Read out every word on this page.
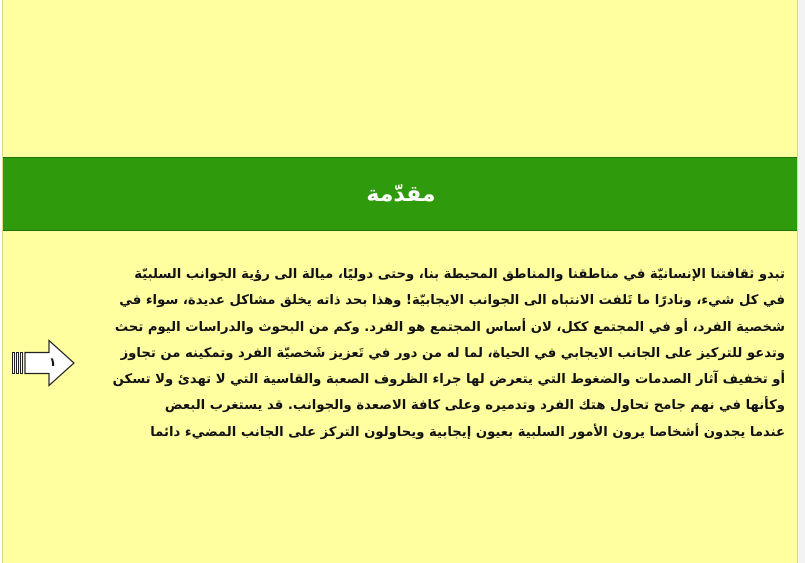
مقدّمة
تبدو ثقافتنا الإنسانيّة في مناطقنا والمناطق المحيطة بنا، وحتى دوليًا، ميالة الى رؤية الجوانب السلبيّة
في كل شيء، ونادرًا ما تَلفت الانتباه الى الجوانب الايجابيّة! وهذا بحد ذاته يخلق مشاكل عديدة، سواء في
شخصية الفرد، أو في المجتمع ككل، لان أساس المجتمع هو الفرد. وكم من البحوث والدراسات اليوم تحث
وتدعو للتركيز على الجانب الايجابي في الحياة، لما له من دور في تَعزيز شَخصيّة الفرد وتمكينه من تجاوز
أو تخفيف آثار الصدمات والضغوط التي يتعرض لها جراء الظروف الصعبة والقاسية التي لا تهدئ ولا تسكن
وكأنها في نهم جامح تحاول هتك الفرد وتدميره وعلى كافة الاصعدة والجوانب. قد يستغرب البعض
عندما يجدون أشخاصا يرون الأمور السلبية بعيون إيجابية ويحاولون التركز على الجانب المضيء دائما
١
